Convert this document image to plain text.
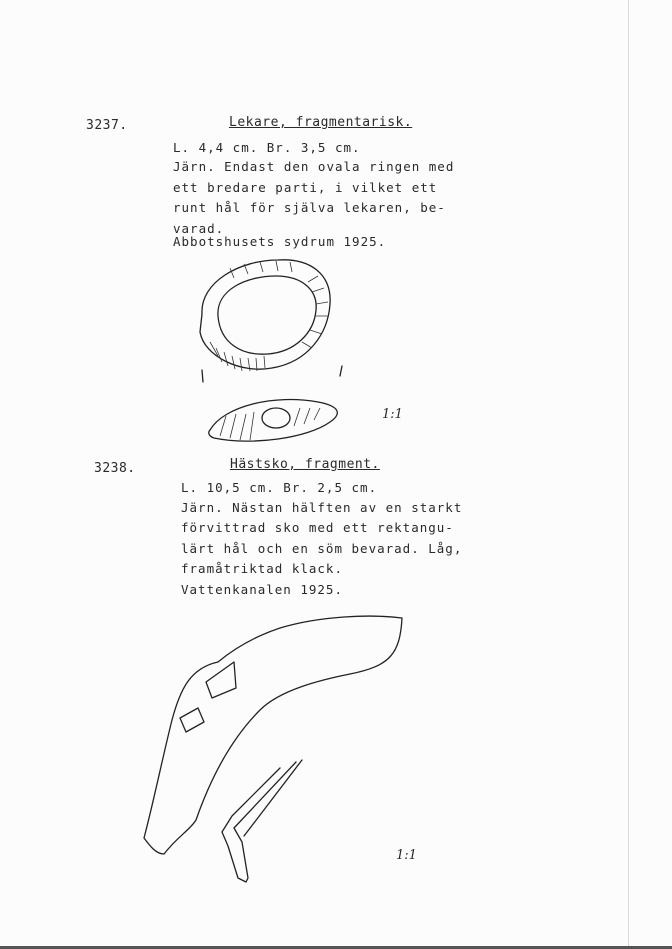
3237.	Lekare, fragmentarisk.
L. 4,4 cm. Br. 3,5 cm.
Järn. Endast den ovala ringen med
ett bredare parti, i vilket ett
runt hål för själva lekaren, be-
varad.
Abbotshusets sydrum 1925.
1:1
3238.	Hästsko, fragment.
L. 10,5 cm. Br. 2,5 cm.
Järn. Nästan hälften av en starkt
förvittrad sko med ett rektangu-
lärt hål och en söm bevarad. Låg,
framåtriktad klack.
Vattenkanalen 1925.
1:1
